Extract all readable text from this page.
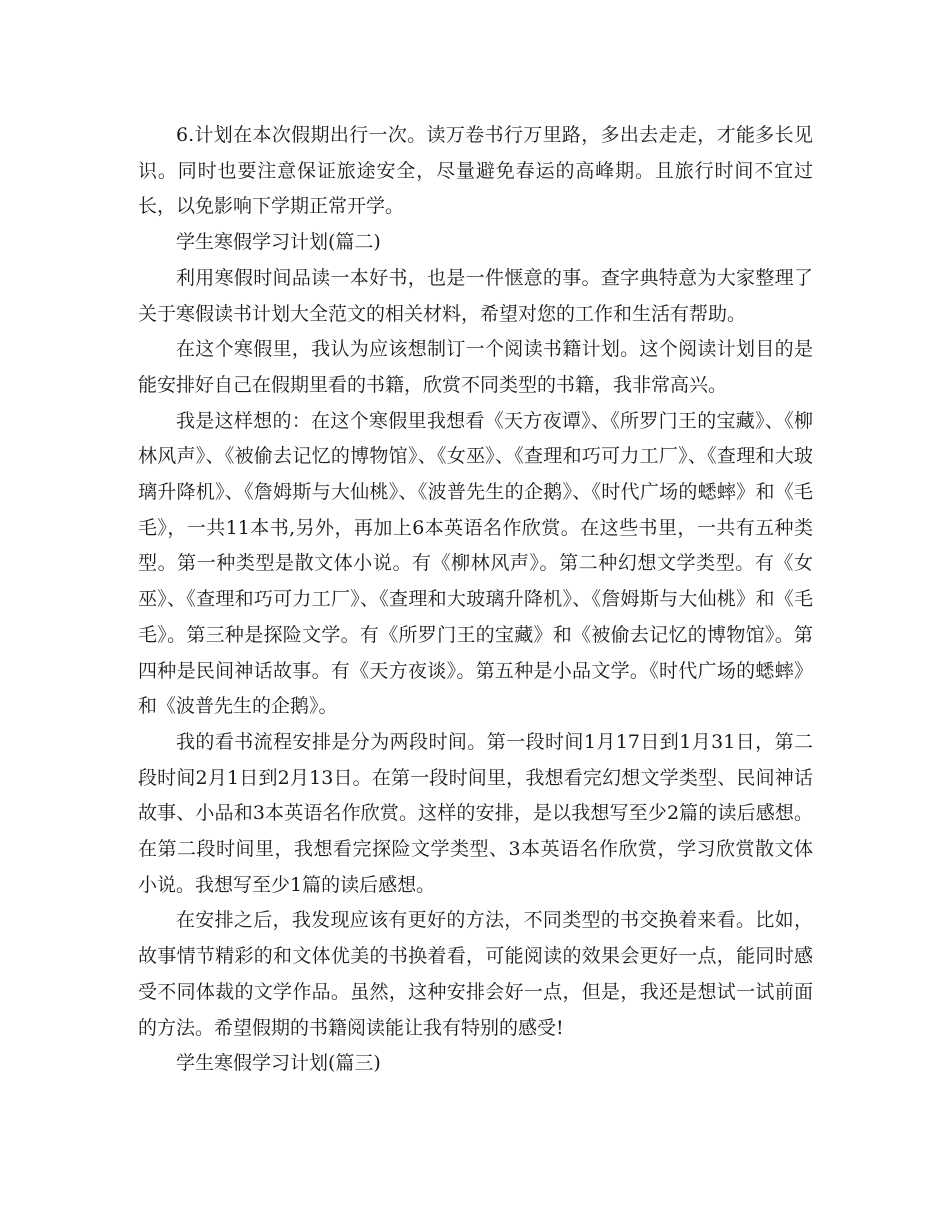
6.计划在本次假期出行一次。读万卷书行万里路，多出去走走，才能多长见识。同时也要注意保证旅途安全，尽量避免春运的高峰期。且旅行时间不宜过长，以免影响下学期正常开学。

学生寒假学习计划(篇二)

利用寒假时间品读一本好书，也是一件惬意的事。查字典特意为大家整理了关于寒假读书计划大全范文的相关材料，希望对您的工作和生活有帮助。

在这个寒假里，我认为应该想制订一个阅读书籍计划。这个阅读计划目的是能安排好自己在假期里看的书籍，欣赏不同类型的书籍，我非常高兴。

我是这样想的：在这个寒假里我想看《天方夜谭》、《所罗门王的宝藏》、《柳林风声》、《被偷去记忆的博物馆》、《女巫》、《查理和巧可力工厂》、《查理和大玻璃升降机》、《詹姆斯与大仙桃》、《波普先生的企鹅》、《时代广场的蟋蟀》和《毛毛》，一共11本书,另外，再加上6本英语名作欣赏。在这些书里，一共有五种类型。第一种类型是散文体小说。有《柳林风声》。第二种幻想文学类型。有《女巫》、《查理和巧可力工厂》、《查理和大玻璃升降机》、《詹姆斯与大仙桃》和《毛毛》。第三种是探险文学。有《所罗门王的宝藏》和《被偷去记忆的博物馆》。第四种是民间神话故事。有《天方夜谈》。第五种是小品文学。《时代广场的蟋蟀》和《波普先生的企鹅》。

我的看书流程安排是分为两段时间。第一段时间1月17日到1月31日，第二段时间2月1日到2月13日。在第一段时间里，我想看完幻想文学类型、民间神话故事、小品和3本英语名作欣赏。这样的安排，是以我想写至少2篇的读后感想。在第二段时间里，我想看完探险文学类型、3本英语名作欣赏，学习欣赏散文体小说。我想写至少1篇的读后感想。

在安排之后，我发现应该有更好的方法，不同类型的书交换着来看。比如，故事情节精彩的和文体优美的书换着看，可能阅读的效果会更好一点，能同时感受不同体裁的文学作品。虽然，这种安排会好一点，但是，我还是想试一试前面的方法。希望假期的书籍阅读能让我有特别的感受!

学生寒假学习计划(篇三)
